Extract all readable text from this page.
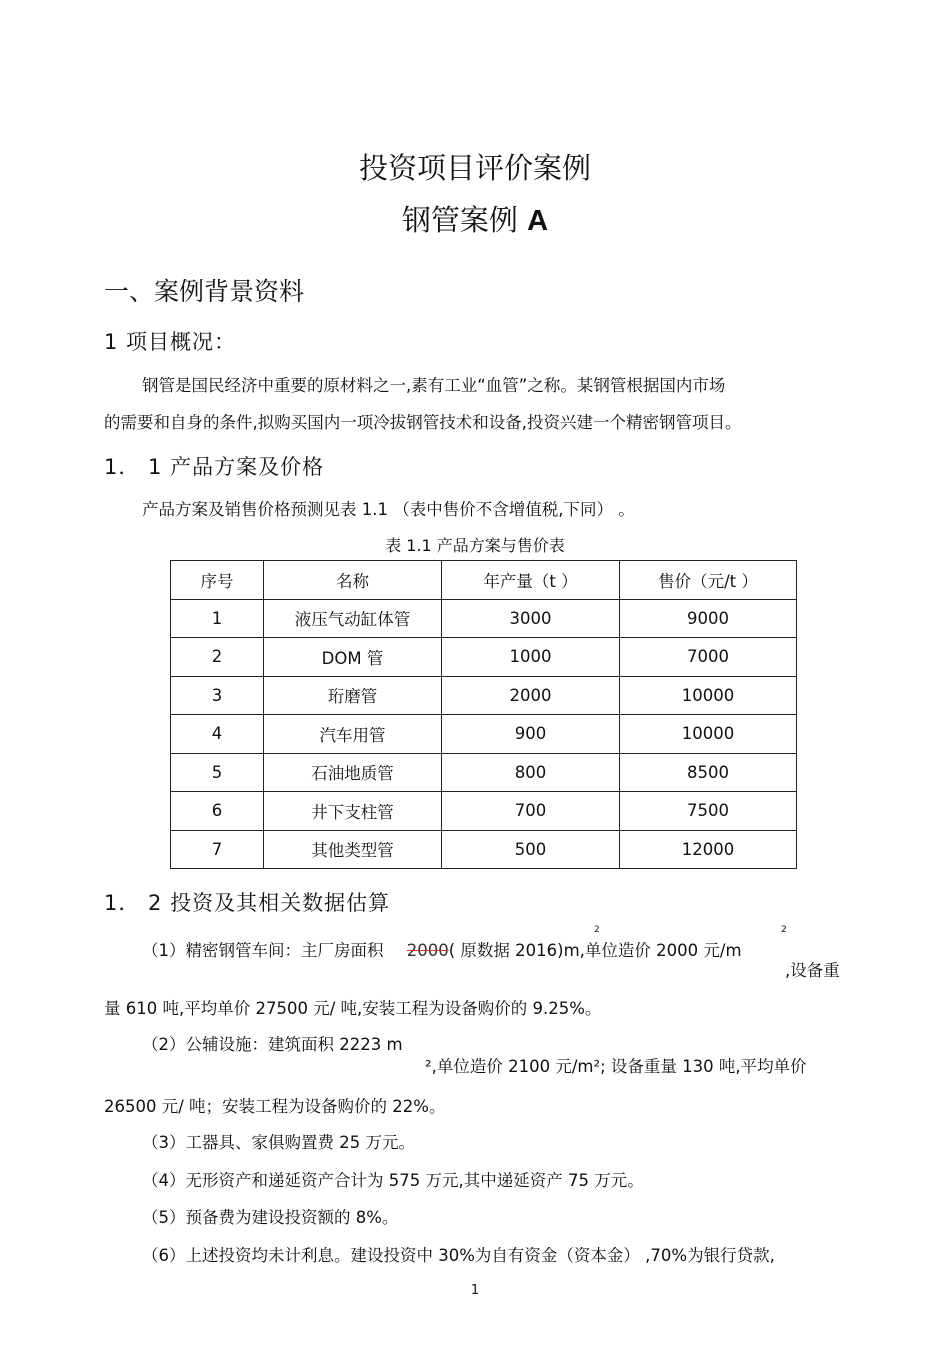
投资项目评价案例
钢管案例 A
一、案例背景资料
1 项目概况：
钢管是国民经济中重要的原材料之一,素有工业“血管”之称。某钢管根据国内市场
的需要和自身的条件,拟购买国内一项冷拔钢管技术和设备,投资兴建一个精密钢管项目。
1． 1 产品方案及价格
产品方案及销售价格预测见表 1.1 （表中售价不含增值税,下同） 。
表 1.1 产品方案与售价表
序号	名称	年产量（t ）	售价（元/t ）
1	液压气动缸体管	3000	9000
2	DOM 管	1000	7000
3	珩磨管	2000	10000
4	汽车用管	900	10000
5	石油地质管	800	8500
6	井下支柱管	700	7500
7	其他类型管	500	12000
1． 2 投资及其相关数据估算
（1）精密钢管车间：主厂房面积 2000( 原数据 2016)m,单位造价 2000 元/m
2	2
,设备重
量 610 吨,平均单价 27500 元/ 吨,安装工程为设备购价的 9.25%。
（2）公辅设施：建筑面积 2223 m
²,单位造价 2100 元/m²; 设备重量 130 吨,平均单价
26500 元/ 吨；安装工程为设备购价的 22%。
（3）工器具、家俱购置费 25 万元。
（4）无形资产和递延资产合计为 575 万元,其中递延资产 75 万元。
（5）预备费为建设投资额的 8%。
（6）上述投资均未计利息。建设投资中 30%为自有资金（资本金） ,70%为银行贷款,
1
